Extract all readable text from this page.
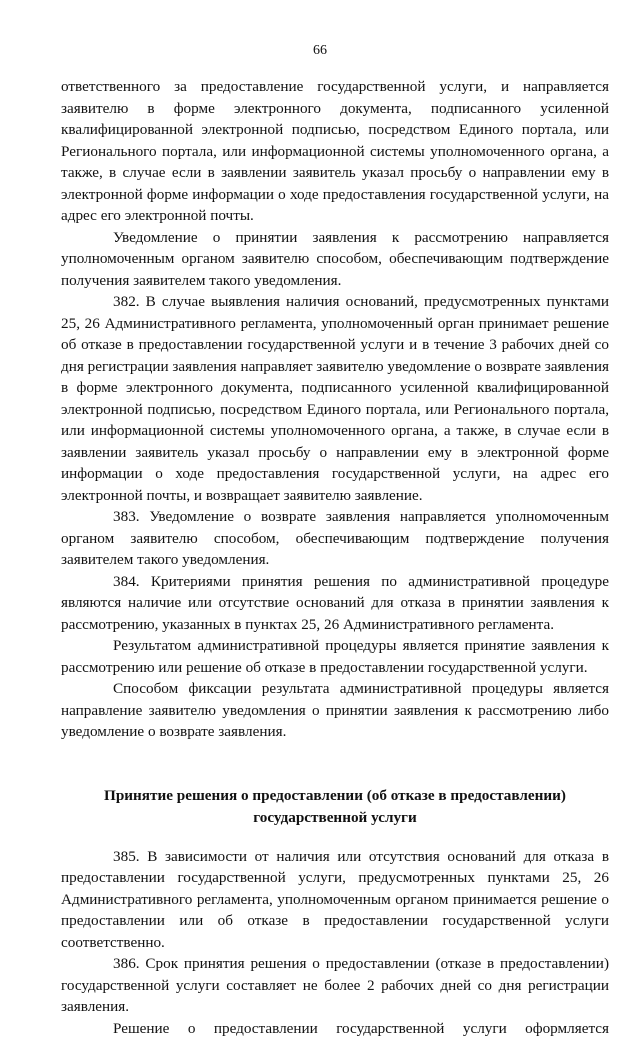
66

ответственного за предоставление государственной услуги, и направляется заявителю в форме электронного документа, подписанного усиленной квалифицированной электронной подписью, посредством Единого портала, или Регионального портала, или информационной системы уполномоченного органа, а также, в случае если в заявлении заявитель указал просьбу о направлении ему в электронной форме информации о ходе предоставления государственной услуги, на адрес его электронной почты.

Уведомление о принятии заявления к рассмотрению направляется уполномоченным органом заявителю способом, обеспечивающим подтверждение получения заявителем такого уведомления.

382. В случае выявления наличия оснований, предусмотренных пунктами 25, 26 Административного регламента, уполномоченный орган принимает решение об отказе в предоставлении государственной услуги и в течение 3 рабочих дней со дня регистрации заявления направляет заявителю уведомление о возврате заявления в форме электронного документа, подписанного усиленной квалифицированной электронной подписью, посредством Единого портала, или Регионального портала, или информационной системы уполномоченного органа, а также, в случае если в заявлении заявитель указал просьбу о направлении ему в электронной форме информации о ходе предоставления государственной услуги, на адрес его электронной почты, и возвращает заявителю заявление.

383. Уведомление о возврате заявления направляется уполномоченным органом заявителю способом, обеспечивающим подтверждение получения заявителем такого уведомления.

384. Критериями принятия решения по административной процедуре являются наличие или отсутствие оснований для отказа в принятии заявления к рассмотрению, указанных в пунктах 25, 26 Административного регламента.

Результатом административной процедуры является принятие заявления к рассмотрению или решение об отказе в предоставлении государственной услуги.

Способом фиксации результата административной процедуры является направление заявителю уведомления о принятии заявления к рассмотрению либо уведомление о возврате заявления.

Принятие решения о предоставлении (об отказе в предоставлении)
государственной услуги

385. В зависимости от наличия или отсутствия оснований для отказа в предоставлении государственной услуги, предусмотренных пунктами 25, 26 Административного регламента, уполномоченным органом принимается решение о предоставлении или об отказе в предоставлении государственной услуги соответственно.

386. Срок принятия решения о предоставлении (отказе в предоставлении) государственной услуги составляет не более 2 рабочих дней со дня регистрации заявления.

Решение о предоставлении государственной услуги оформляется
